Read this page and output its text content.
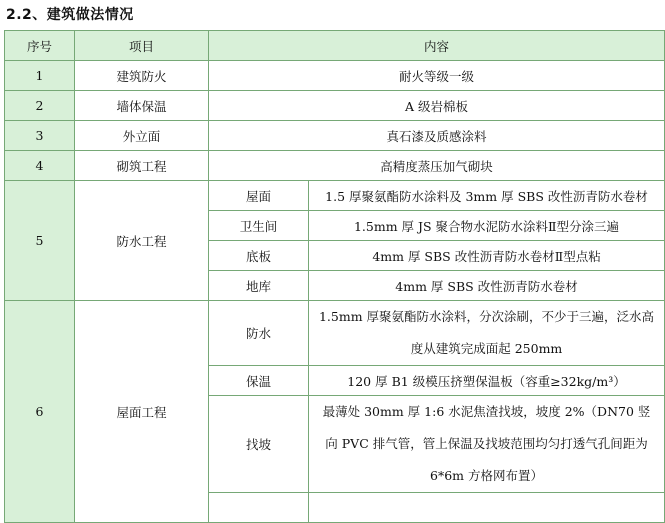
2.2、建筑做法情况
序号	项目	内容	
1	建筑防火	耐火等级一级	
2	墙体保温	A 级岩棉板	
3	外立面	真石漆及质感涂料	
4	砌筑工程	高精度蒸压加气砌块	
5	防水工程	屋面	1.5 厚聚氨酯防水涂料及 3mm 厚 SBS 改性沥青防水卷材
		卫生间	1.5mm 厚 JS 聚合物水泥防水涂料Ⅱ型分涂三遍
		底板	4mm 厚 SBS 改性沥青防水卷材Ⅱ型点粘
		地库	4mm 厚 SBS 改性沥青防水卷材
6	屋面工程	防水	1.5mm 厚聚氨酯防水涂料，分次涂刷，不少于三遍，泛水高度从建筑完成面起 250mm
		保温	120 厚 B1 级模压挤塑保温板（容重≥32kg/m³）
		找坡	最薄处 30mm 厚 1:6 水泥焦渣找坡，坡度 2%（DN70 竖向 PVC 排气管，管上保温及找坡范围均匀打透气孔间距为 6*6m 方格网布置）
